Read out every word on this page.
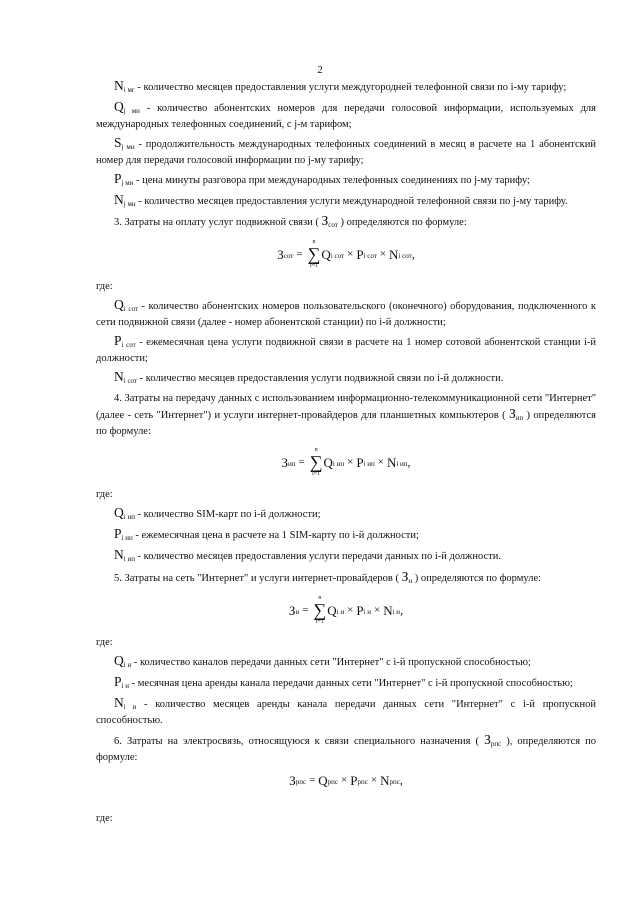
2

Ni мг - количество месяцев предоставления услуги междугородней телефонной связи по i-му тарифу;

Qj мн - количество абонентских номеров для передачи голосовой информации, используемых для международных телефонных соединений, с j-м тарифом;

Sj мн - продолжительность международных телефонных соединений в месяц в расчете на 1 абонентский номер для передачи голосовой информации по j-му тарифу;

Pj мн - цена минуты разговора при международных телефонных соединениях по j-му тарифу;

Nj мн - количество месяцев предоставления услуги международной телефонной связи по j-му тарифу.

3. Затраты на оплату услуг подвижной связи ( Зсот ) определяются по формуле:

З сот =
n
∑
i=1
Q i сот × P i сот × N i сот ,

где:

Qi сот - количество абонентских номеров пользовательского (оконечного) оборудования, подключенного к сети подвижной связи (далее - номер абонентской станции) по i-й должности;

Pi сот - ежемесячная цена услуги подвижной связи в расчете на 1 номер сотовой абонентской станции i-й должности;

Ni сот - количество месяцев предоставления услуги подвижной связи по i-й должности.

4. Затраты на передачу данных с использованием информационно-телекоммуникационной сети "Интернет" (далее - сеть "Интернет") и услуги интернет-провайдеров для планшетных компьютеров ( Зип ) определяются по формуле:

З ип =
n
∑
i=1
Q i ип × P i ип × N i ип ,

где:

Qi ип - количество SIM-карт по i-й должности;

Pi ип - ежемесячная цена в расчете на 1 SIM-карту по i-й должности;

Ni ип - количество месяцев предоставления услуги передачи данных по i-й должности.

5. Затраты на сеть "Интернет" и услуги интернет-провайдеров ( Зи ) определяются по формуле:

З и =
n
∑
i=1
Q i и × P i и × N i и ,

где:

Qi и - количество каналов передачи данных сети "Интернет" с i-й пропускной способностью;

Pi и - месячная цена аренды канала передачи данных сети "Интернет" с i-й пропускной способностью;

Ni и - количество месяцев аренды канала передачи данных сети "Интернет" с i-й пропускной способностью.

6. Затраты на электросвязь, относящуюся к связи специального назначения ( Зрпс ), определяются по формуле:

З рпс = Q рпс × P рпс × N рпс ,

где:
